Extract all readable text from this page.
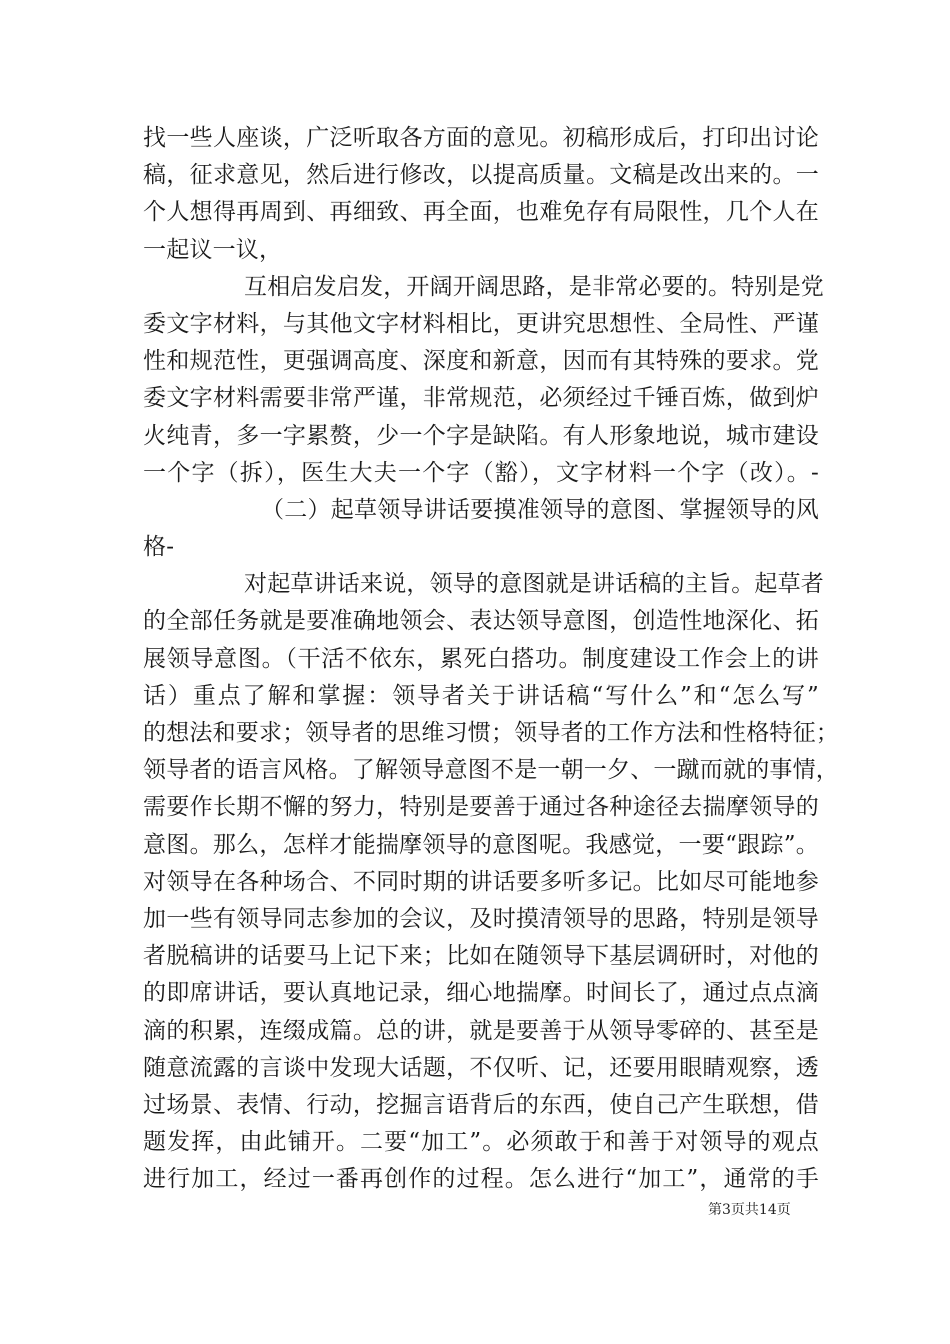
找一些人座谈，广泛听取各方面的意见。初稿形成后，打印出讨论
稿，征求意见，然后进行修改，以提高质量。文稿是改出来的。一
个人想得再周到、再细致、再全面，也难免存有局限性，几个人在
一起议一议，
互相启发启发，开阔开阔思路，是非常必要的。特别是党
委文字材料，与其他文字材料相比，更讲究思想性、全局性、严谨
性和规范性，更强调高度、深度和新意，因而有其特殊的要求。党
委文字材料需要非常严谨，非常规范，必须经过千锤百炼，做到炉
火纯青，多一字累赘，少一个字是缺陷。有人形象地说，城市建设
一个字（拆），医生大夫一个字（豁），文字材料一个字（改）。-
（二）起草领导讲话要摸准领导的意图、掌握领导的风
格-
对起草讲话来说，领导的意图就是讲话稿的主旨。起草者
的全部任务就是要准确地领会、表达领导意图，创造性地深化、拓
展领导意图。（干活不依东，累死白搭功。制度建设工作会上的讲
话）重点了解和掌握：领导者关于讲话稿“写什么”和“怎么写”
的想法和要求；领导者的思维习惯；领导者的工作方法和性格特征；
领导者的语言风格。了解领导意图不是一朝一夕、一蹴而就的事情，
需要作长期不懈的努力，特别是要善于通过各种途径去揣摩领导的
意图。那么，怎样才能揣摩领导的意图呢。我感觉，一要“跟踪”。
对领导在各种场合、不同时期的讲话要多听多记。比如尽可能地参
加一些有领导同志参加的会议，及时摸清领导的思路，特别是领导
者脱稿讲的话要马上记下来；比如在随领导下基层调研时，对他的
的即席讲话，要认真地记录，细心地揣摩。时间长了，通过点点滴
滴的积累，连缀成篇。总的讲，就是要善于从领导零碎的、甚至是
随意流露的言谈中发现大话题，不仅听、记，还要用眼睛观察，透
过场景、表情、行动，挖掘言语背后的东西，使自己产生联想，借
题发挥，由此铺开。二要“加工”。必须敢于和善于对领导的观点
进行加工，经过一番再创作的过程。怎么进行“加工”，通常的手
第3页共14页
